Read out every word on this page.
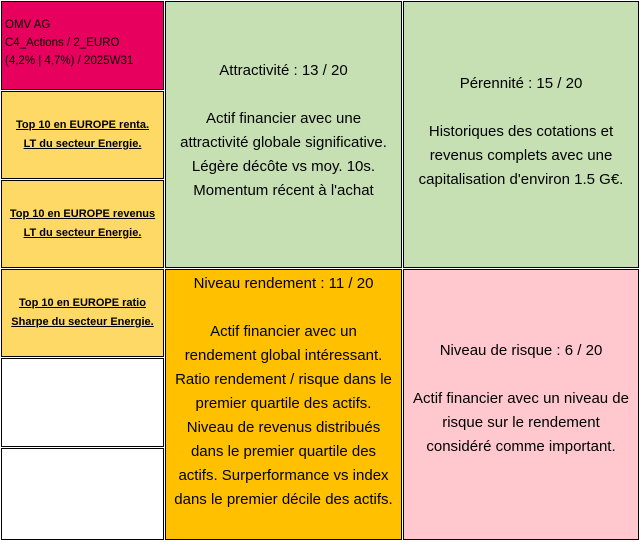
OMV AG
C4_Actions / 2_EURO
(4,2% | 4,7%) / 2025W31
Top 10 en EUROPE renta.
LT du secteur Energie.
Top 10 en EUROPE revenus
LT du secteur Energie.
Top 10 en EUROPE ratio
Sharpe du secteur Energie.
Attractivité : 13 / 20
Actif financier avec une
attractivité globale significative.
Légère décôte vs moy. 10s.
Momentum récent à l'achat
Pérennité : 15 / 20
Historiques des cotations et
revenus complets avec une
capitalisation d'environ 1.5 G€.
Niveau rendement : 11 / 20
Actif financier avec un
rendement global intéressant.
Ratio rendement / risque dans le
premier quartile des actifs.
Niveau de revenus distribués
dans le premier quartile des
actifs. Surperformance vs index
dans le premier décile des actifs.
Niveau de risque : 6 / 20
Actif financier avec un niveau de
risque sur le rendement
considéré comme important.
